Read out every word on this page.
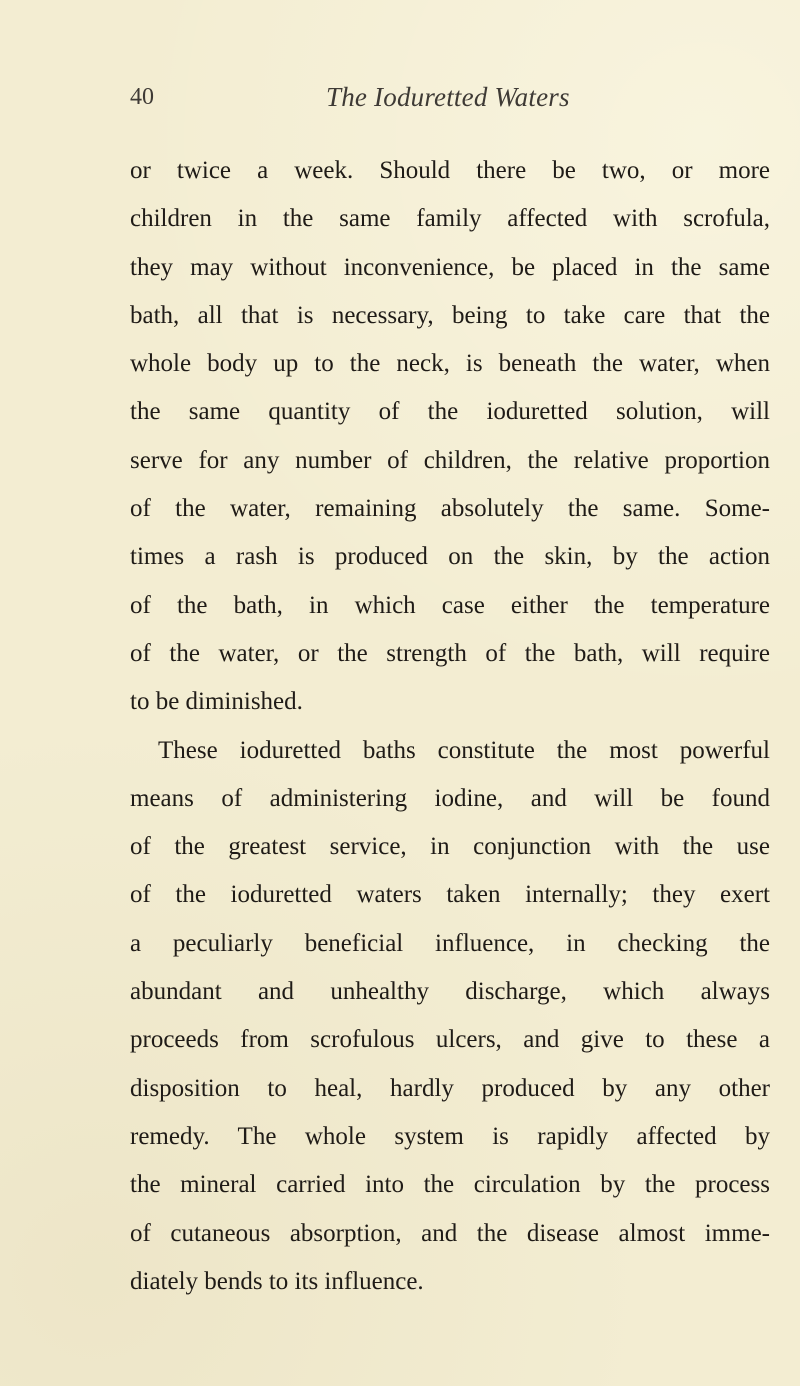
40	The Ioduretted Waters
or twice a week. Should there be two, or more
children in the same family affected with scrofula,
they may without inconvenience, be placed in the same
bath, all that is necessary, being to take care that the
whole body up to the neck, is beneath the water, when
the same quantity of the ioduretted solution, will
serve for any number of children, the relative proportion
of the water, remaining absolutely the same. Some-
times a rash is produced on the skin, by the action
of the bath, in which case either the temperature
of the water, or the strength of the bath, will require
to be diminished.
These ioduretted baths constitute the most powerful
means of administering iodine, and will be found
of the greatest service, in conjunction with the use
of the ioduretted waters taken internally; they exert
a peculiarly beneficial influence, in checking the
abundant and unhealthy discharge, which always
proceeds from scrofulous ulcers, and give to these a
disposition to heal, hardly produced by any other
remedy. The whole system is rapidly affected by
the mineral carried into the circulation by the process
of cutaneous absorption, and the disease almost imme-
diately bends to its influence.
